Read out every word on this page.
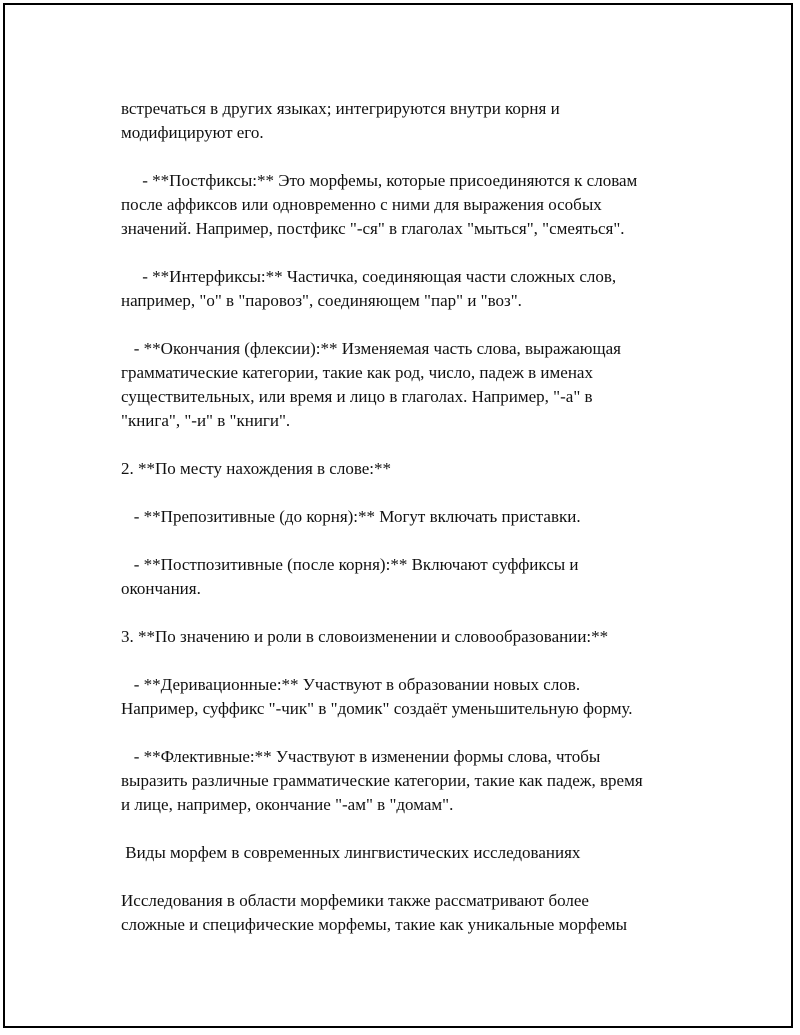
встречаться в других языках; интегрируются внутри корня и
модифицируют его.

- **Постфиксы:** Это морфемы, которые присоединяются к словам
после аффиксов или одновременно с ними для выражения особых
значений. Например, постфикс "-ся" в глаголах "мыться", "смеяться".

- **Интерфиксы:** Частичка, соединяющая части сложных слов,
например, "о" в "паровоз", соединяющем "пар" и "воз".

- **Окончания (флексии):** Изменяемая часть слова, выражающая
грамматические категории, такие как род, число, падеж в именах
существительных, или время и лицо в глаголах. Например, "-а" в
"книга", "-и" в "книги".

2. **По месту нахождения в слове:**

- **Препозитивные (до корня):** Могут включать приставки.

- **Постпозитивные (после корня):** Включают суффиксы и
окончания.

3. **По значению и роли в словоизменении и словообразовании:**

- **Деривационные:** Участвуют в образовании новых слов.
Например, суффикс "-чик" в "домик" создаёт уменьшительную форму.

- **Флективные:** Участвуют в изменении формы слова, чтобы
выразить различные грамматические категории, такие как падеж, время
и лице, например, окончание "-ам" в "домам".

Виды морфем в современных лингвистических исследованиях

Исследования в области морфемики также рассматривают более
сложные и специфические морфемы, такие как уникальные морфемы
